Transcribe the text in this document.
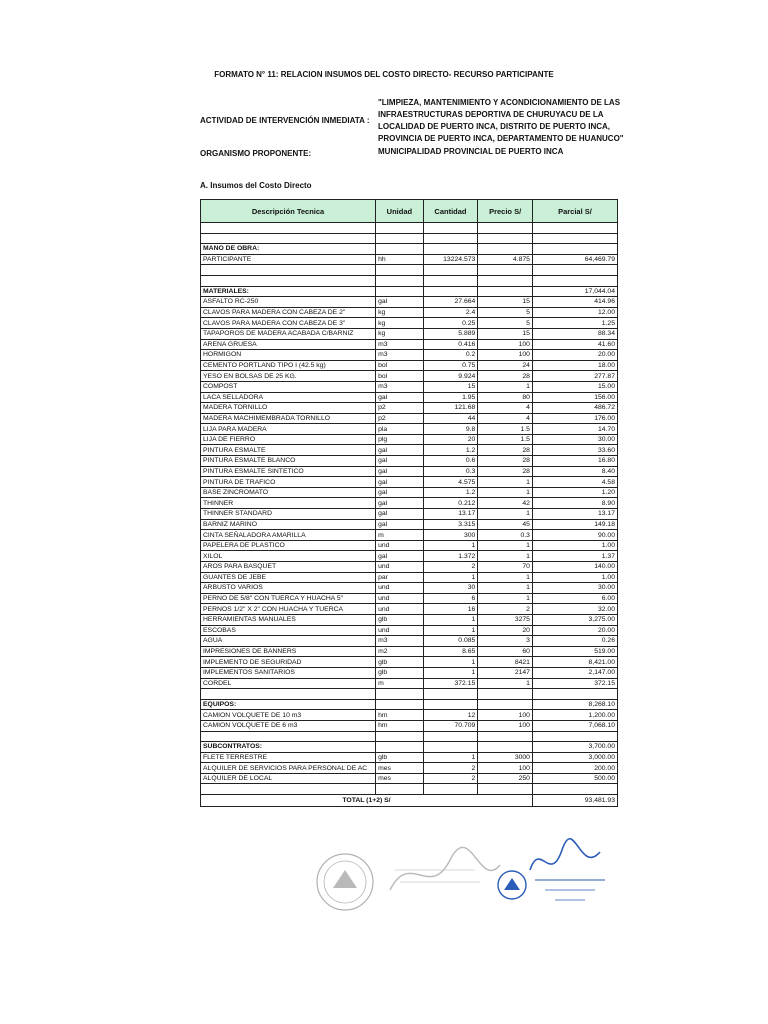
FORMATO N° 11: RELACION INSUMOS DEL COSTO DIRECTO- RECURSO PARTICIPANTE
ACTIVIDAD DE INTERVENCIÓN INMEDIATA :
"LIMPIEZA, MANTENIMIENTO Y ACONDICIONAMIENTO DE LAS
INFRAESTRUCTURAS DEPORTIVA DE CHURUYACU DE LA
LOCALIDAD DE PUERTO INCA, DISTRITO DE PUERTO INCA,
PROVINCIA DE PUERTO INCA, DEPARTAMENTO DE HUANUCO"
ORGANISMO PROPONENTE:	MUNICIPALIDAD PROVINCIAL DE PUERTO INCA
A. Insumos del Costo Directo
Descripción Tecnica	Unidad	Cantidad	Precio S/	Parcial S/

MANO DE OBRA:				
PARTICIPANTE	hh	13224.573	4.875	64,469.79

MATERIALES:				17,044.04
ASFALTO RC-250	gal	27.664	15	414.96
CLAVOS PARA MADERA CON CABEZA DE 2"	kg	2.4	5	12.00
CLAVOS PARA MADERA CON CABEZA DE 3"	kg	0.25	5	1.25
TAPAPOROS DE MADERA ACABADA C/BARNIZ	kg	5.889	15	88.34
ARENA GRUESA	m3	0.416	100	41.60
HORMIGON	m3	0.2	100	20.00
CEMENTO PORTLAND TIPO I (42.5 kg)	bol	0.75	24	18.00
YESO EN BOLSAS DE 25 KG.	bol	9.924	28	277.87
COMPOST	m3	15	1	15.00
LACA SELLADORA	gal	1.95	80	156.00
MADERA TORNILLO	p2	121.68	4	486.72
MADERA MACHIMEMBRADA TORNILLO	p2	44	4	176.00
LIJA PARA MADERA	pla	9.8	1.5	14.70
LIJA DE FIERRO	plg	20	1.5	30.00
PINTURA ESMALTE	gal	1.2	28	33.60
PINTURA ESMALTE BLANCO	gal	0.6	28	16.80
PINTURA ESMALTE SINTETICO	gal	0.3	28	8.40
PINTURA DE TRAFICO	gal	4.575	1	4.58
BASE ZINCROMATO	gal	1.2	1	1.20
THINNER	gal	0.212	42	8.90
THINNER STANDARD	gal	13.17	1	13.17
BARNIZ MARINO	gal	3.315	45	149.18
CINTA SEÑALADORA AMARILLA	m	300	0.3	90.00
PAPELERA DE PLASTICO	und	1	1	1.00
XILOL	gal	1.372	1	1.37
AROS PARA BASQUET	und	2	70	140.00
GUANTES DE JEBE	par	1	1	1.00
ARBUSTO VARIOS	und	30	1	30.00
PERNO DE 5/8" CON TUERCA Y HUACHA 5"	und	6	1	6.00
PERNOS 1/2" X 2" CON HUACHA Y TUERCA	und	16	2	32.00
HERRAMIENTAS MANUALES	glb	1	3275	3,275.00
ESCOBAS	und	1	20	20.00
AGUA	m3	0.085	3	0.26
IMPRESIONES DE BANNERS	m2	8.65	60	519.00
IMPLEMENTO DE SEGURIDAD	glb	1	8421	8,421.00
IMPLEMENTOS SANITARIOS	glb	1	2147	2,147.00
CORDEL	m	372.15	1	372.15

EQUIPOS:				8,268.10
CAMION VOLQUETE DE 10 m3	hm	12	100	1,200.00
CAMION VOLQUETE DE 6 m3	hm	70.709	100	7,068.10

SUBCONTRATOS:				3,700.00
FLETE TERRESTRE	glb	1	3000	3,000.00
ALQUILER DE SERVICIOS PARA PERSONAL DE AC	mes	2	100	200.00
ALQUILER DE LOCAL	mes	2	250	500.00

TOTAL (1+2) S/				93,481.93
